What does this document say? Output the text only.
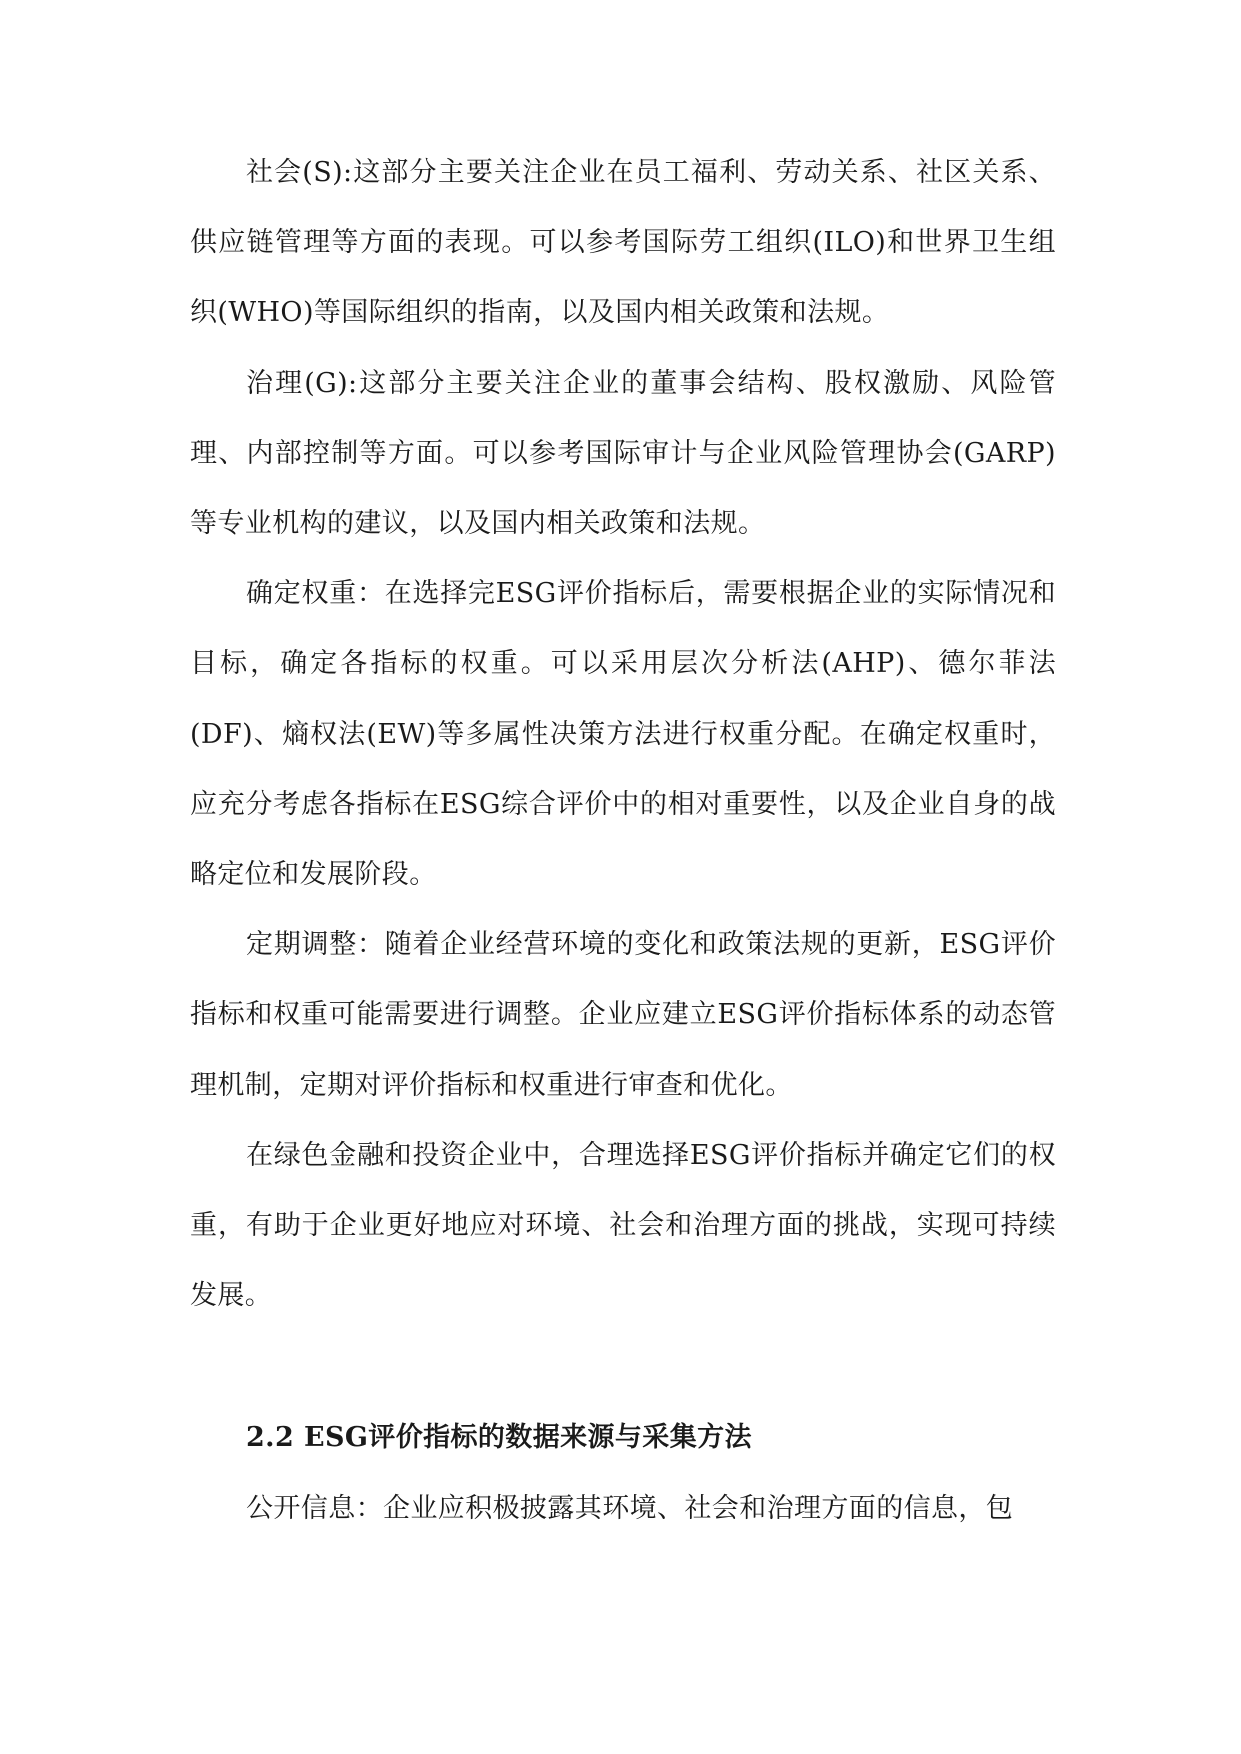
社会(S):这部分主要关注企业在员工福利、劳动关系、社区关系、供应链管理等方面的表现。可以参考国际劳工组织(ILO)和世界卫生组织(WHO)等国际组织的指南，以及国内相关政策和法规。

治理(G):这部分主要关注企业的董事会结构、股权激励、风险管理、内部控制等方面。可以参考国际审计与企业风险管理协会(GARP)等专业机构的建议，以及国内相关政策和法规。

确定权重：在选择完ESG评价指标后，需要根据企业的实际情况和目标，确定各指标的权重。可以采用层次分析法(AHP)、德尔菲法(DF)、熵权法(EW)等多属性决策方法进行权重分配。在确定权重时，应充分考虑各指标在ESG综合评价中的相对重要性，以及企业自身的战略定位和发展阶段。

定期调整：随着企业经营环境的变化和政策法规的更新，ESG评价指标和权重可能需要进行调整。企业应建立ESG评价指标体系的动态管理机制，定期对评价指标和权重进行审查和优化。

在绿色金融和投资企业中，合理选择ESG评价指标并确定它们的权重，有助于企业更好地应对环境、社会和治理方面的挑战，实现可持续发展。

2.2 ESG评价指标的数据来源与采集方法

公开信息：企业应积极披露其环境、社会和治理方面的信息，包
